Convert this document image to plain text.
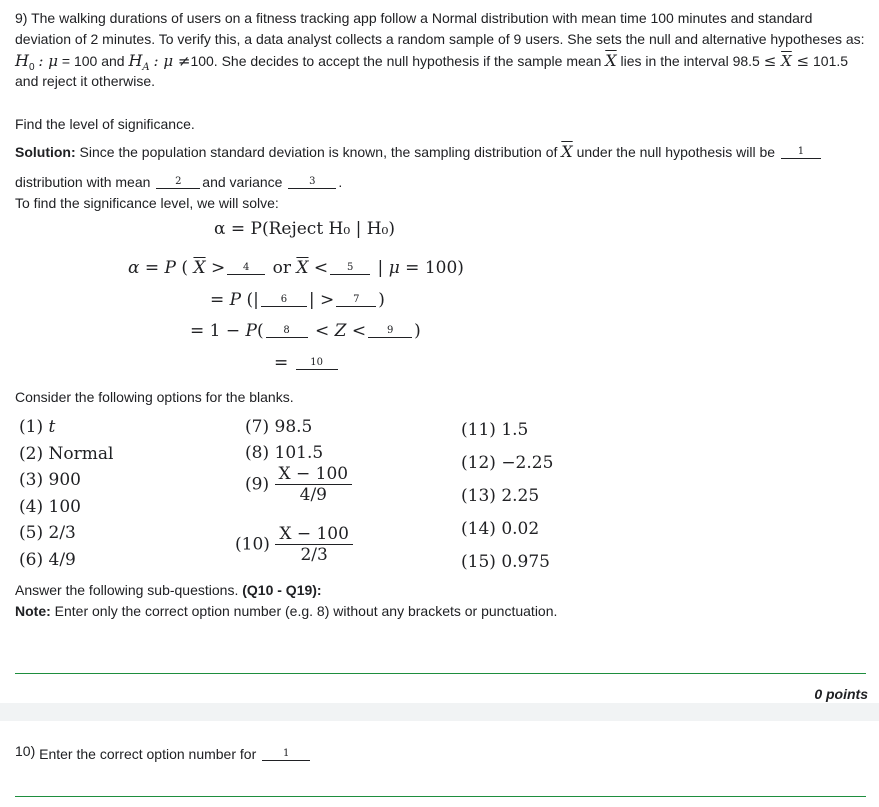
9) The walking durations of users on a fitness tracking app follow a Normal distribution with mean time 100 minutes and standard
deviation of 2 minutes. To verify this, a data analyst collects a random sample of 9 users. She sets the null and alternative hypotheses as:
$H_0$ : μ = 100 and $H_A$ : μ ≠100. She decides to accept the null hypothesis if the sample mean $\overline{X}$ lies in the interval $98.5 \le \overline{X} \le 101.5$
and reject it otherwise.
Find the level of significance.
Solution: Since the population standard deviation is known, the sampling distribution of $\overline{X}$ under the null hypothesis will be 1
distribution with mean 2 and variance	3 .
To find the significance level, we will solve:
α = P(Reject H₀ | H₀)
α = P ( $\overline{X} > 4$ or $\overline{X} < 5$ | μ = 100)
= P (| 6 | > 7 )
= 1 − P( 8 < Z < 9 )
= 10
Consider the following options for the blanks.
(1) t
(2) Normal
(3) 900
(4) 100
(5) 2/3
(6) 4/9
(7) 98.5
(8) 101.5
$(9) \frac{X - 100}{4/9}$
$(10) \frac{X - 100}{2/3}$
(11) 1.5
(12) −2.25
(13) 2.25
(14) 0.02
(15) 0.975
Answer the following sub-questions. (Q10 - Q19):
Note: Enter only the correct option number (e.g. 8) without any brackets or punctuation.
0 points
10) Enter the correct option number for	1
